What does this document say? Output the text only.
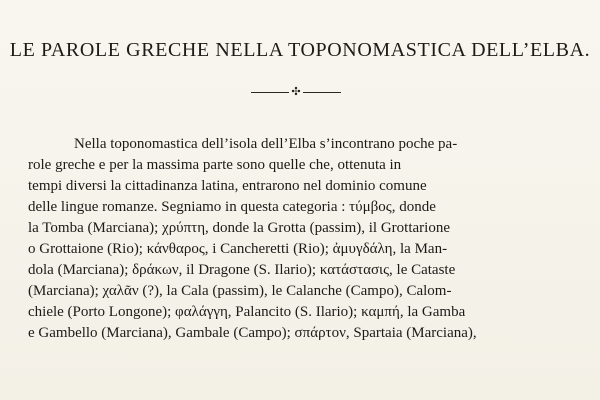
LE PAROLE GRECHE NELLA TOPONOMASTICA DELL’ELBA.
✣
Nella toponomastica dell’isola dell’Elba s’incontrano poche pa-
role greche e per la massima parte sono quelle che, ottenuta in
tempi diversi la cittadinanza latina, entrarono nel dominio comune
delle lingue romanze. Segniamo in questa categoria : τύμβος, donde
la Tomba (Marciana); χρύπτη, donde la Grotta (passim), il Grottarione
o Grottaione (Rio); κάνθαρος, i Cancheretti (Rio); ἀμυγδάλη, la Man-
dola (Marciana); δράκων, il Dragone (S. Ilario); κατάστασις, le Cataste
(Marciana); χαλᾶν (?), la Cala (passim), le Calanche (Campo), Calom-
chiele (Porto Longone); φαλάγγη, Palancito (S. Ilario); καμπή, la Gamba
e Gambello (Marciana), Gambale (Campo); σπάρτον, Spartaia (Marciana),
